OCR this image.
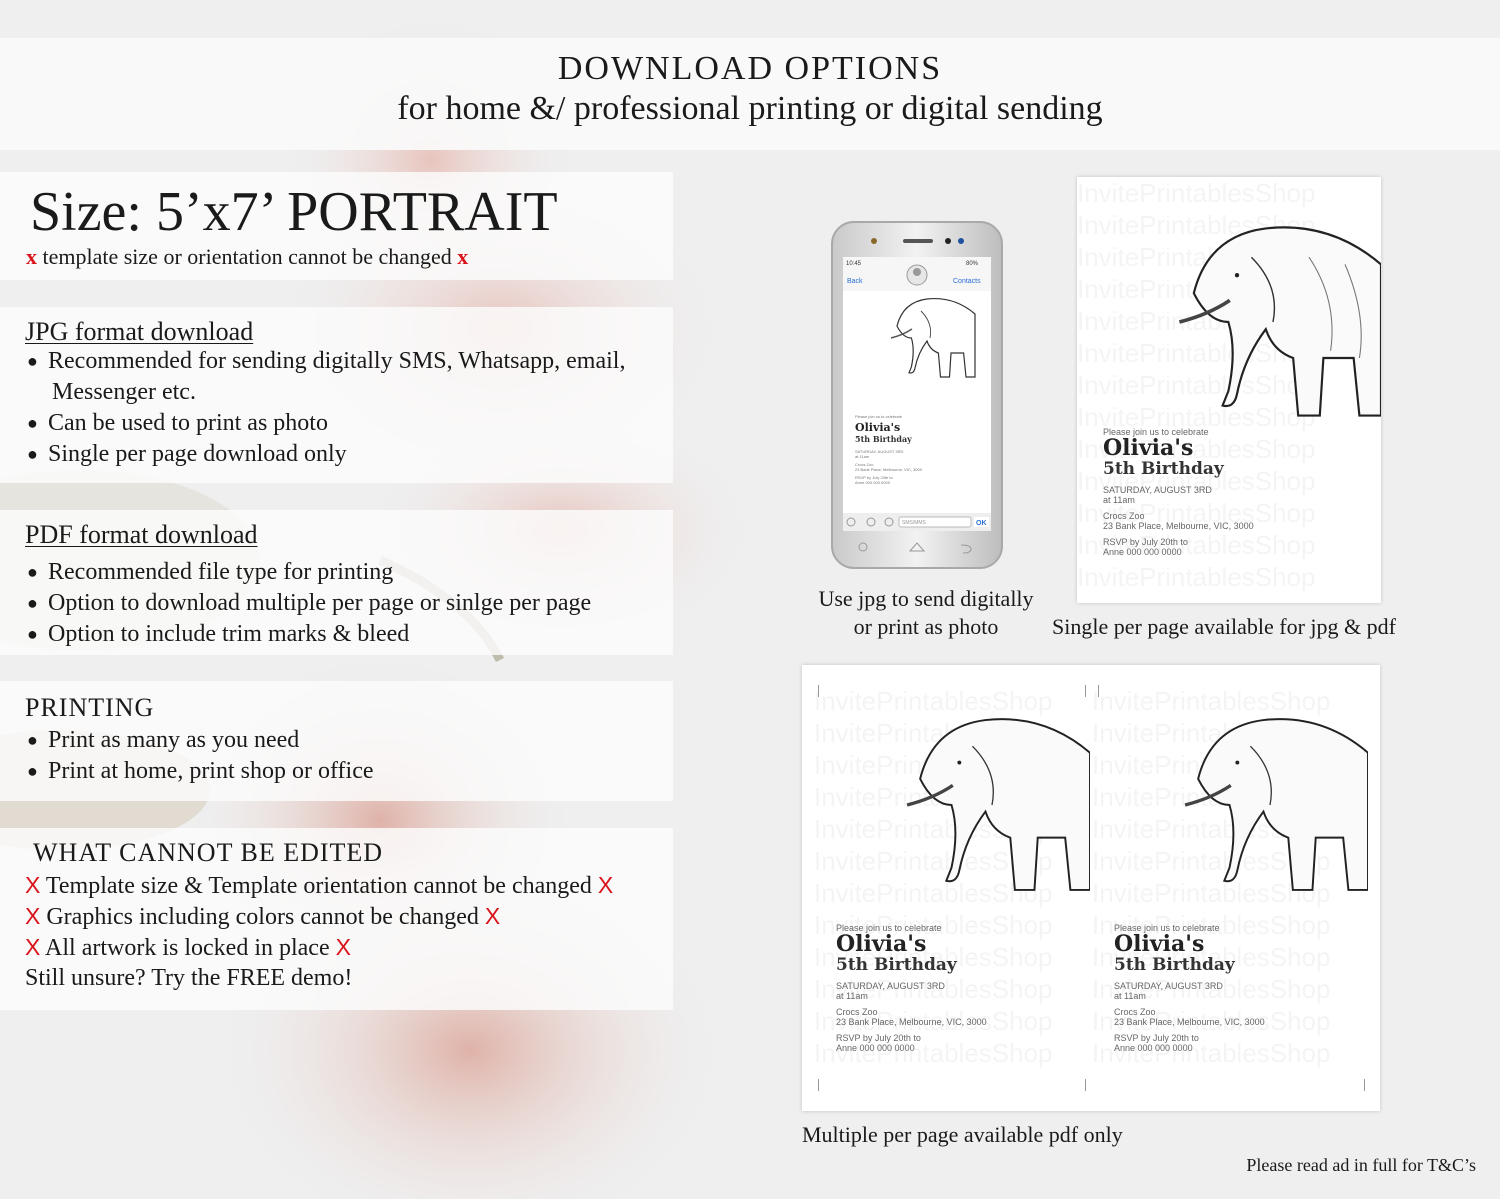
DOWNLOAD OPTIONS
for home &/ professional printing or digital sending
Size: 5’x7’ PORTRAIT
x template size or orientation cannot be changed x
JPG format download
● Recommended for sending digitally SMS, Whatsapp, email,
Messenger etc.
● Can be used to print as photo
● Single per page download only
PDF format download
● Recommended file type for printing
● Option to download multiple per page or sinlge per page
● Option to include trim marks & bleed
PRINTING
● Print as many as you need
● Print at home, print shop or office
WHAT CANNOT BE EDITED
X Template size & Template orientation cannot be changed X
X Graphics including colors cannot be changed X
X All artwork is locked in place X
Still unsure? Try the FREE demo!
10:45	80%
Back	Contacts
Please join us to celebrate
Olivia's
5th Birthday
SATURDAY, AUGUST 3RD
at 11am
Crocs Zoo
23 Bank Place, Melbourne, VIC, 3000
RSVP by July 20th to
Anne 000 000 0000
SMS/MMS	OK
Use jpg to send digitally
or print as photo
Please join us to celebrate
Olivia's
5th Birthday
SATURDAY, AUGUST 3RD
at 11am
Crocs Zoo
23 Bank Place, Melbourne, VIC, 3000
RSVP by July 20th to
Anne 000 000 0000
Single per page available for jpg & pdf
Please join us to celebrate
Olivia's
5th Birthday
SATURDAY, AUGUST 3RD
at 11am
Crocs Zoo
23 Bank Place, Melbourne, VIC, 3000
RSVP by July 20th to
Anne 000 000 0000
Please join us to celebrate
Olivia's
5th Birthday
SATURDAY, AUGUST 3RD
at 11am
Crocs Zoo
23 Bank Place, Melbourne, VIC, 3000
RSVP by July 20th to
Anne 000 000 0000
Multiple per page available pdf only
Please read ad in full for T&C’s
